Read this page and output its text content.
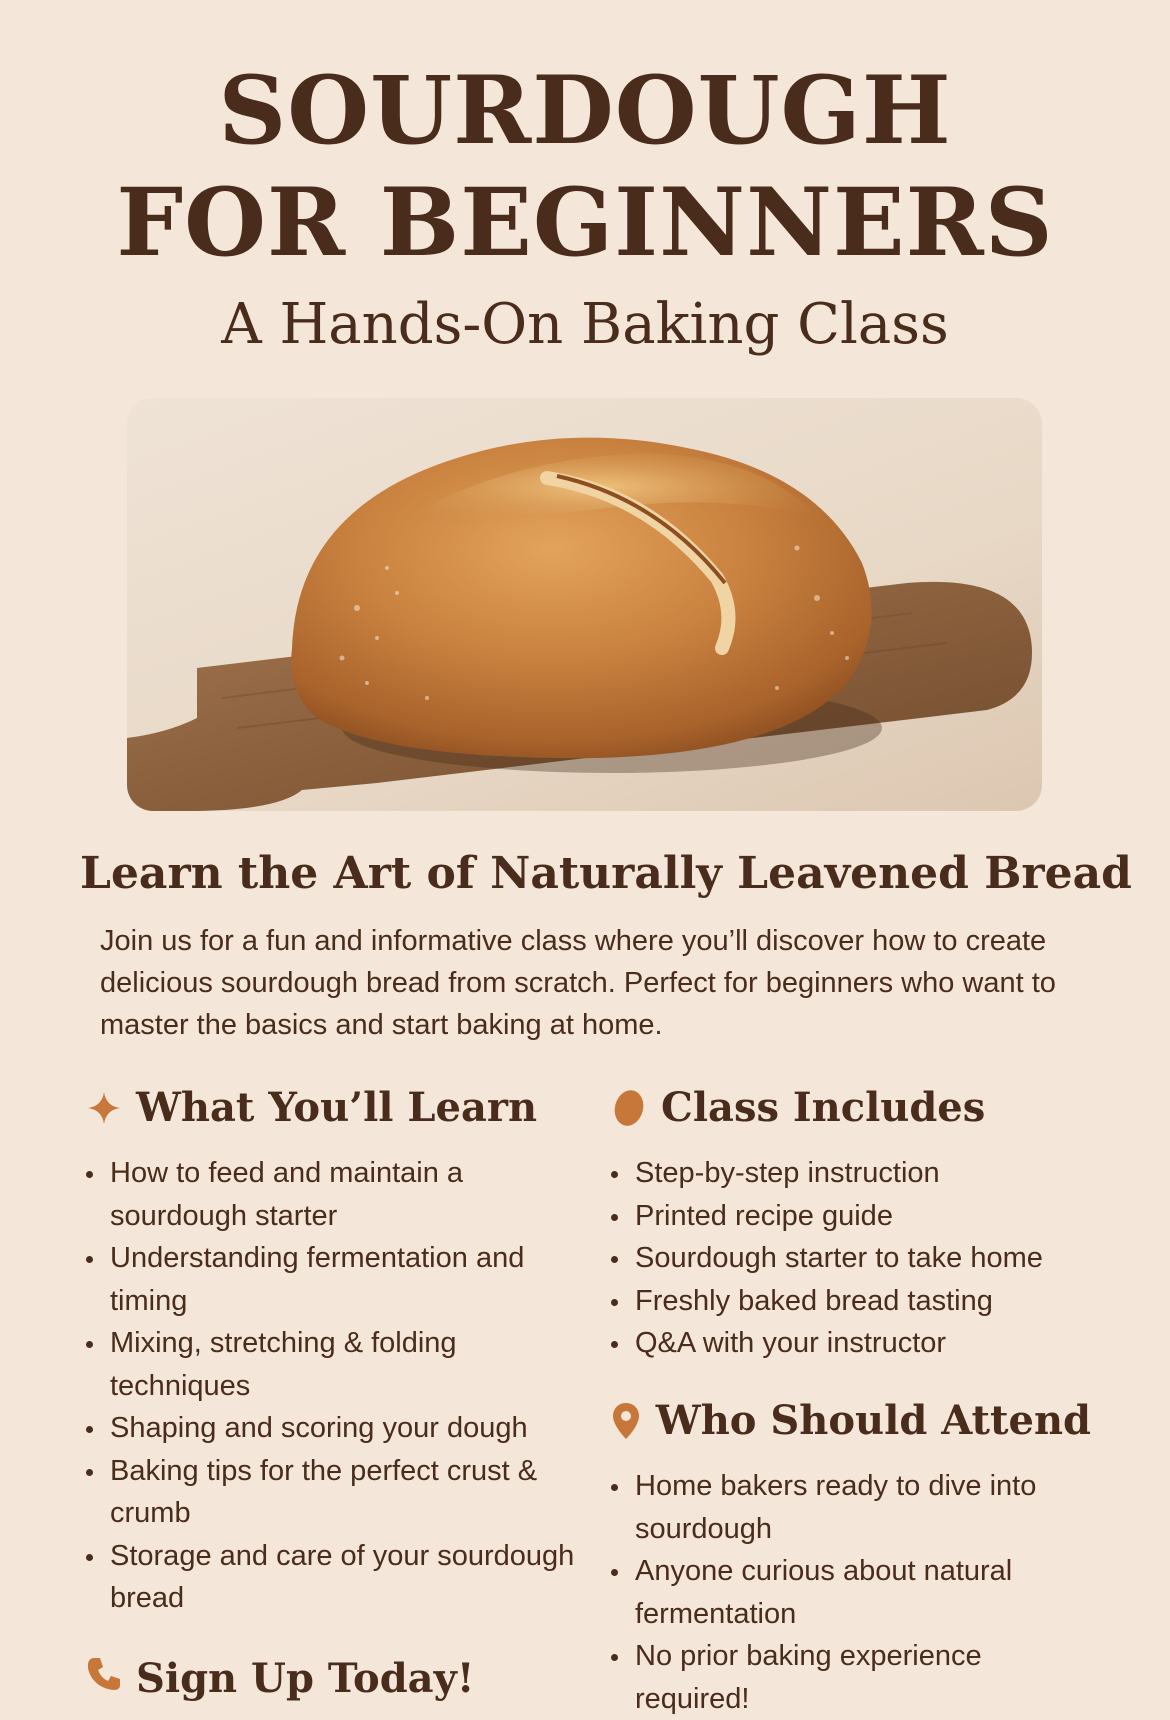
SOURDOUGH
FOR BEGINNERS
A Hands-On Baking Class
Learn the Art of Naturally Leavened Bread
Join us for a fun and informative class where you’ll discover how to create delicious sourdough bread from scratch. Perfect for beginners who want to master the basics and start baking at home.
What You’ll Learn
How to feed and maintain a sourdough starter
Understanding fermentation and timing
Mixing, stretching & folding techniques
Shaping and scoring your dough
Baking tips for the perfect crust & crumb
Storage and care of your sourdough bread
Class Includes
Step-by-step instruction
Printed recipe guide
Sourdough starter to take home
Freshly baked bread tasting
Q&A with your instructor
Who Should Attend
Home bakers ready to dive into sourdough
Anyone curious about natural fermentation
No prior baking experience required!
Sign Up Today!
